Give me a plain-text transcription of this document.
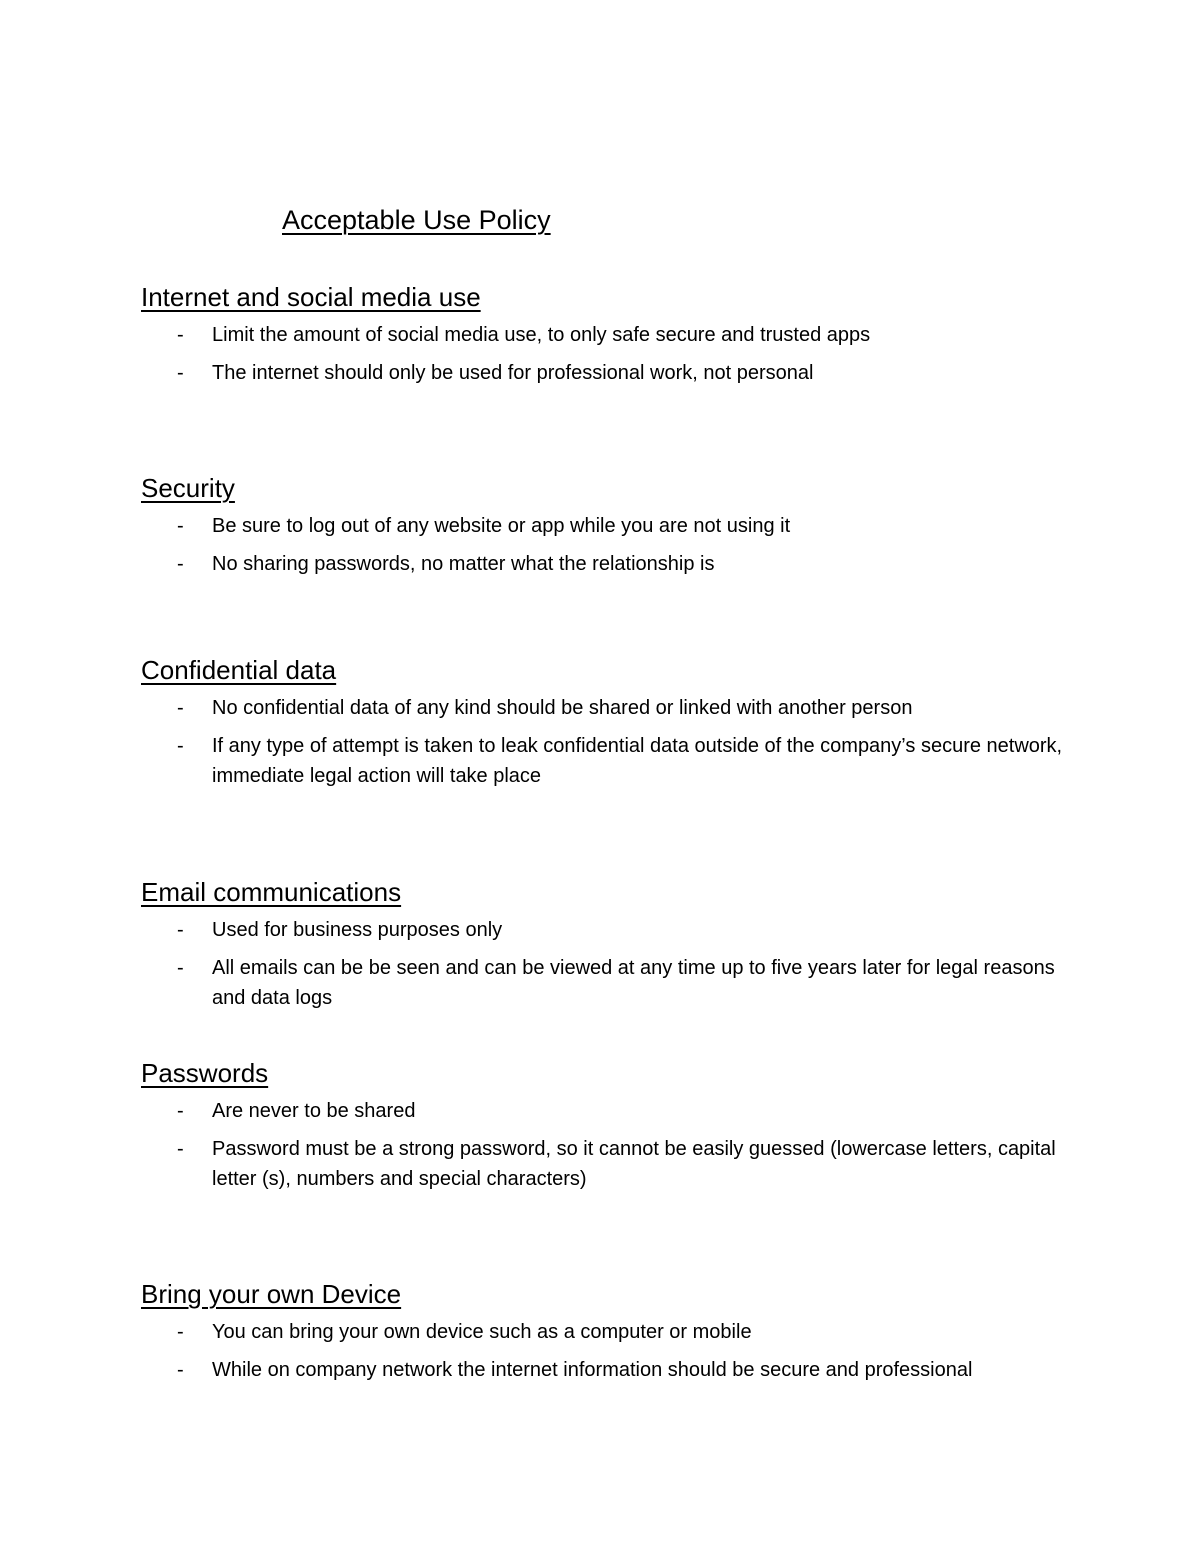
Acceptable Use Policy
Internet and social media use
- Limit the amount of social media use, to only safe secure and trusted apps
- The internet should only be used for professional work, not personal
Security
- Be sure to log out of any website or app while you are not using it
- No sharing passwords, no matter what the relationship is
Confidential data
- No confidential data of any kind should be shared or linked with another person
- If any type of attempt is taken to leak confidential data outside of the company’s secure network, immediate legal action will take place
Email communications
- Used for business purposes only
- All emails can be be seen and can be viewed at any time up to five years later for legal reasons and data logs
Passwords
- Are never to be shared
- Password must be a strong password, so it cannot be easily guessed (lowercase letters, capital letter (s), numbers and special characters)
Bring your own Device
- You can bring your own device such as a computer or mobile
- While on company network the internet information should be secure and professional
